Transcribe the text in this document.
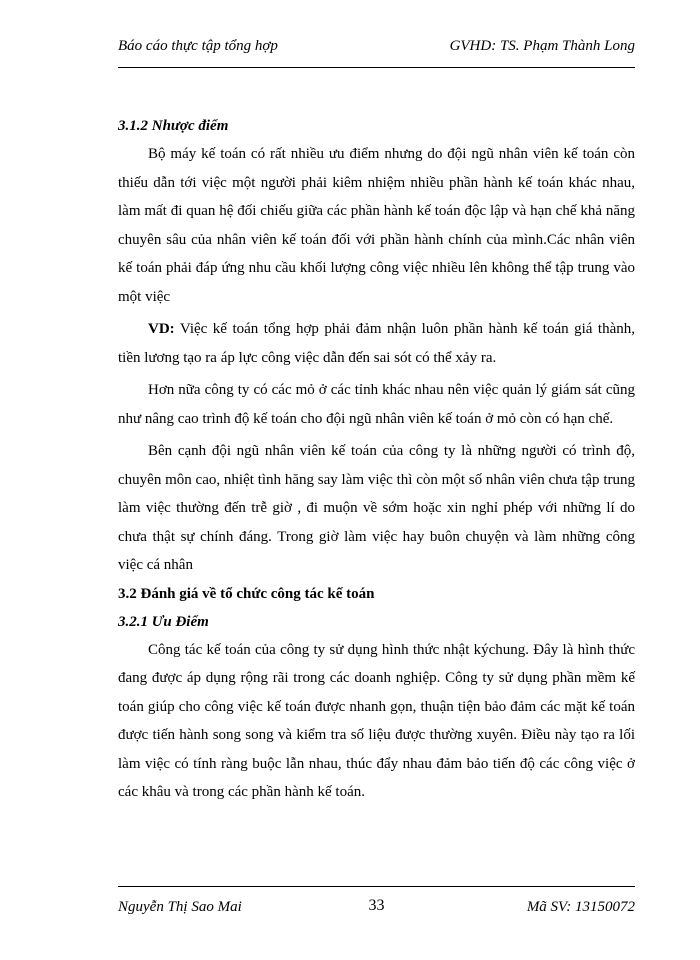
Báo cáo thực tập tổng hợp	GVHD: TS. Phạm Thành Long

3.1.2 Nhược điểm

Bộ máy kế toán có rất nhiều ưu điểm nhưng do đội ngũ nhân viên kế toán còn thiếu dẫn tới việc một người phải kiêm nhiệm nhiều phần hành kế toán khác nhau, làm mất đi quan hệ đối chiếu giữa các phần hành kế toán độc lập và hạn chế khả năng chuyên sâu của nhân viên kế toán đối với phần hành chính của mình.Các nhân viên kế toán phải đáp ứng nhu cầu khối lượng công việc nhiều lên không thể tập trung vào một việc

VD: Việc kế toán tổng hợp phải đảm nhận luôn phần hành kế toán giá thành, tiền lương tạo ra áp lực công việc dẫn đến sai sót có thể xảy ra.

Hơn nữa công ty có các mỏ ở các tỉnh khác nhau nên việc quản lý giám sát cũng như nâng cao trình độ kế toán cho đội ngũ nhân viên kế toán ở mỏ còn có hạn chế.

Bên cạnh đội ngũ nhân viên kế toán của công ty là những người có trình độ, chuyên môn cao, nhiệt tình hăng say làm việc thì còn một số nhân viên chưa tập trung làm việc thường đến trễ giờ , đi muộn về sớm hoặc xin nghỉ phép với những lí do chưa thật sự chính đáng. Trong giờ làm việc hay buôn chuyện và làm những công việc cá nhân

3.2 Đánh giá về tổ chức công tác kế toán

3.2.1 Ưu Điểm

Công tác kế toán của công ty sử dụng hình thức nhật kýchung. Đây là hình thức đang được áp dụng rộng rãi trong các doanh nghiệp. Công ty sử dụng phần mềm kế toán giúp cho công việc kế toán được nhanh gọn, thuận tiện bảo đảm các mặt kế toán được tiến hành song song và kiểm tra số liệu được thường xuyên. Điều này tạo ra lối làm việc có tính ràng buộc lẫn nhau, thúc đẩy nhau đảm bảo tiến độ các công việc ở các khâu và trong các phần hành kế toán.

Nguyễn Thị Sao Mai	33	Mã SV: 13150072
